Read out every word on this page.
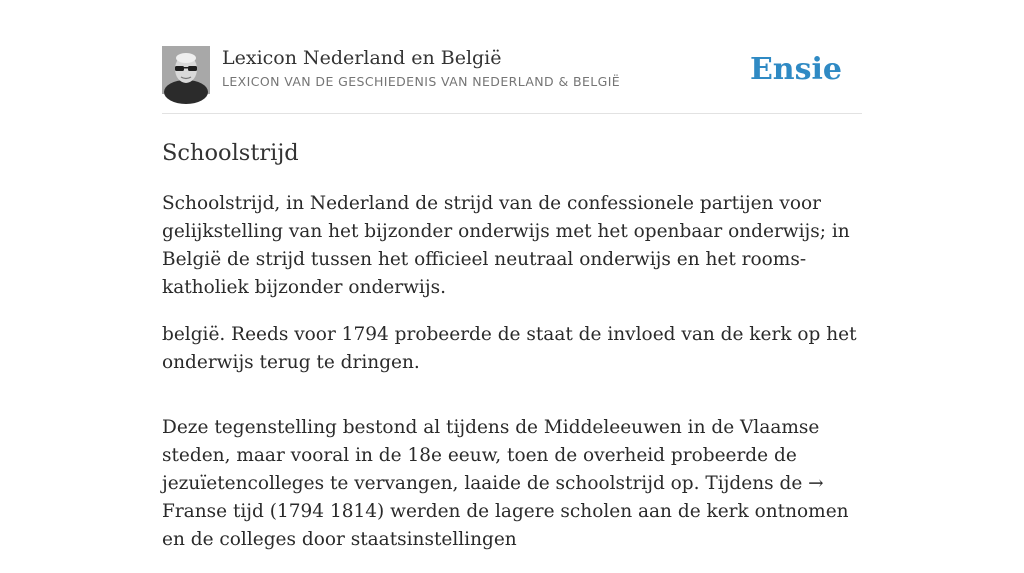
Lexicon Nederland en België
LEXICON VAN DE GESCHIEDENIS VAN NEDERLAND & BELGIË	Ensie
Schoolstrijd

Schoolstrijd, in Nederland de strijd van de confessionele partijen voor gelijkstelling van het bijzonder onderwijs met het openbaar onderwijs; in België de strijd tussen het officieel neutraal onderwijs en het rooms-katholiek bijzonder onderwijs.

belgië. Reeds voor 1794 probeerde de staat de invloed van de kerk op het onderwijs terug te dringen.

Deze tegenstelling bestond al tijdens de Middeleeuwen in de Vlaamse steden, maar vooral in de 18e eeuw, toen de overheid probeerde de jezuïetencolleges te vervangen, laaide de schoolstrijd op. Tijdens de → Franse tijd (1794 1814) werden de lagere scholen aan de kerk ontnomen en de colleges door staatsinstellingen
